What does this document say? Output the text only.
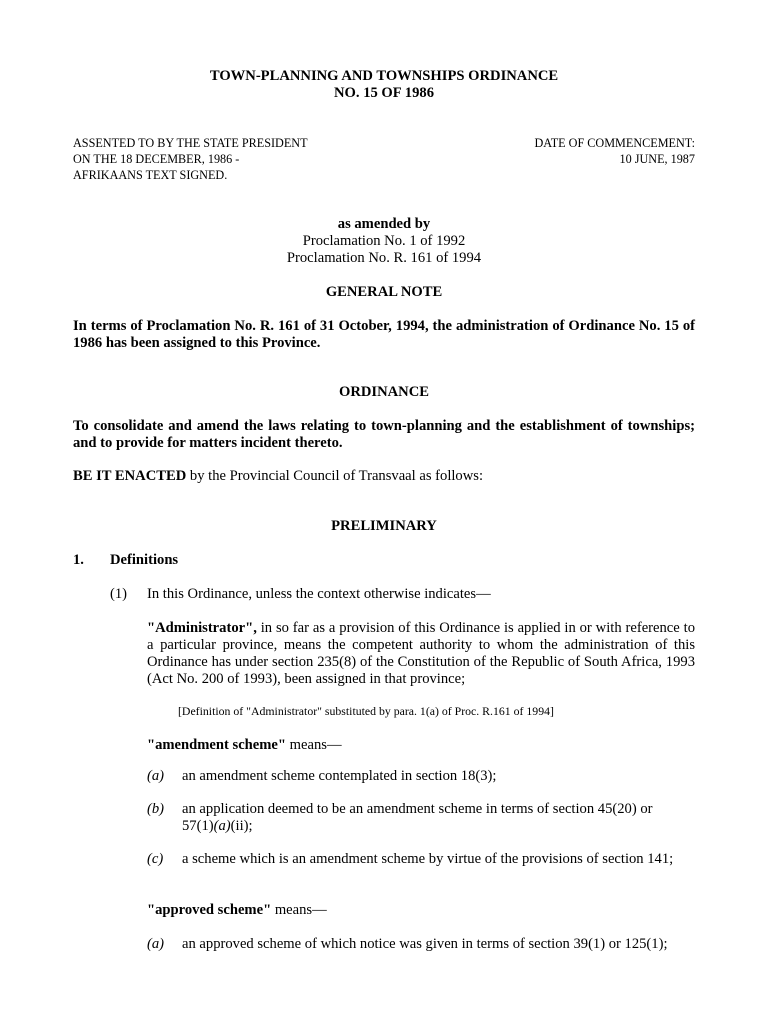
TOWN-PLANNING AND TOWNSHIPS ORDINANCE
NO. 15 OF 1986
ASSENTED TO BY THE STATE PRESIDENT
ON THE 18 DECEMBER, 1986 -
AFRIKAANS TEXT SIGNED.
DATE OF COMMENCEMENT:
10 JUNE, 1987
as amended by
Proclamation No. 1 of 1992
Proclamation No. R. 161 of 1994
GENERAL NOTE
In terms of Proclamation No. R. 161 of 31 October, 1994, the administration of Ordinance No. 15 of 1986 has been assigned to this Province.
ORDINANCE
To consolidate and amend the laws relating to town-planning and the establishment of townships; and to provide for matters incident thereto.
BE IT ENACTED by the Provincial Council of Transvaal as follows:
PRELIMINARY
1. Definitions
(1) In this Ordinance, unless the context otherwise indicates—
"Administrator", in so far as a provision of this Ordinance is applied in or with reference to a particular province, means the competent authority to whom the administration of this Ordinance has under section 235(8) of the Constitution of the Republic of South Africa, 1993 (Act No. 200 of 1993), been assigned in that province;
[Definition of "Administrator" substituted by para. 1(a) of Proc. R.161 of 1994]
"amendment scheme" means—
(a) an amendment scheme contemplated in section 18(3);
(b) an application deemed to be an amendment scheme in terms of section 45(20) or
57(1)(a)(ii);
(c) a scheme which is an amendment scheme by virtue of the provisions of section 141;
"approved scheme" means—
(a) an approved scheme of which notice was given in terms of section 39(1) or 125(1);
